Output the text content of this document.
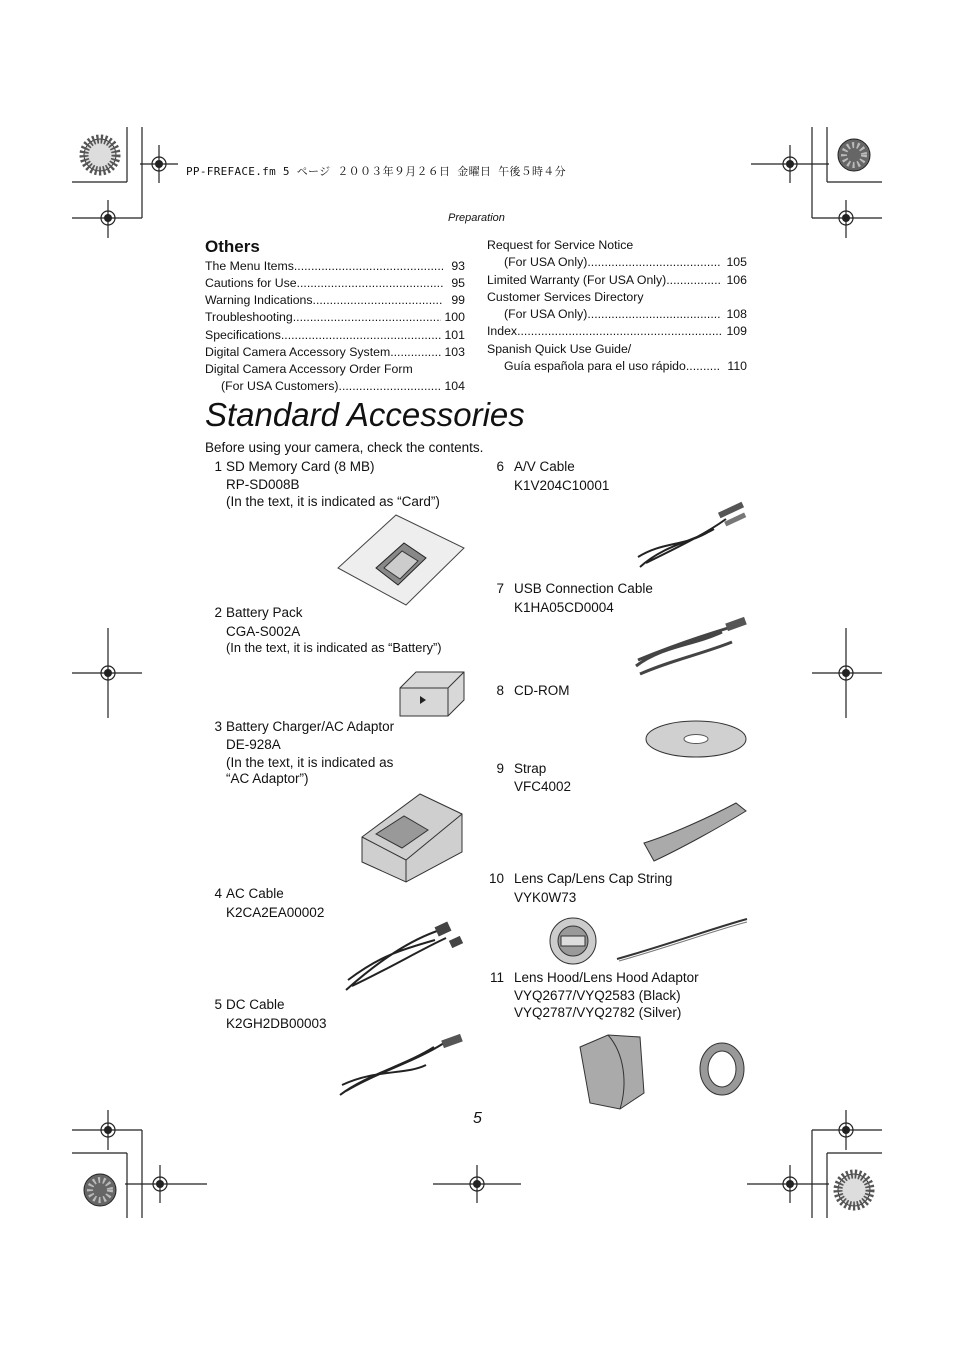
PP-FREFACE.fm 5 ページ ２００３年９月２６日 金曜日 午後５時４分
Preparation
Others
The Menu Items .....	93
Cautions for Use .....	95
Warning Indications .....	99
Troubleshooting .....	100
Specifications .....	101
Digital Camera Accessory System .....	103
Digital Camera Accessory Order Form
(For USA Customers) .....	104
Request for Service Notice
(For USA Only) .....	105
Limited Warranty (For USA Only) .....	106
Customer Services Directory
(For USA Only) .....	108
Index .....	109
Spanish Quick Use Guide/
Guía española para el uso rápido .....	110
Standard Accessories
Before using your camera, check the contents.
1 SD Memory Card (8 MB)
RP-SD008B
(In the text, it is indicated as “Card”)
2 Battery Pack
CGA-S002A
(In the text, it is indicated as “Battery”)
3 Battery Charger/AC Adaptor
DE-928A
(In the text, it is indicated as
“AC Adaptor”)
4 AC Cable
K2CA2EA00002
5 DC Cable
K2GH2DB00003
6 A/V Cable
K1V204C10001
7 USB Connection Cable
K1HA05CD0004
8 CD-ROM
9 Strap
VFC4002
10 Lens Cap/Lens Cap String
VYK0W73
11 Lens Hood/Lens Hood Adaptor
VYQ2677/VYQ2583 (Black)
VYQ2787/VYQ2782 (Silver)
5
